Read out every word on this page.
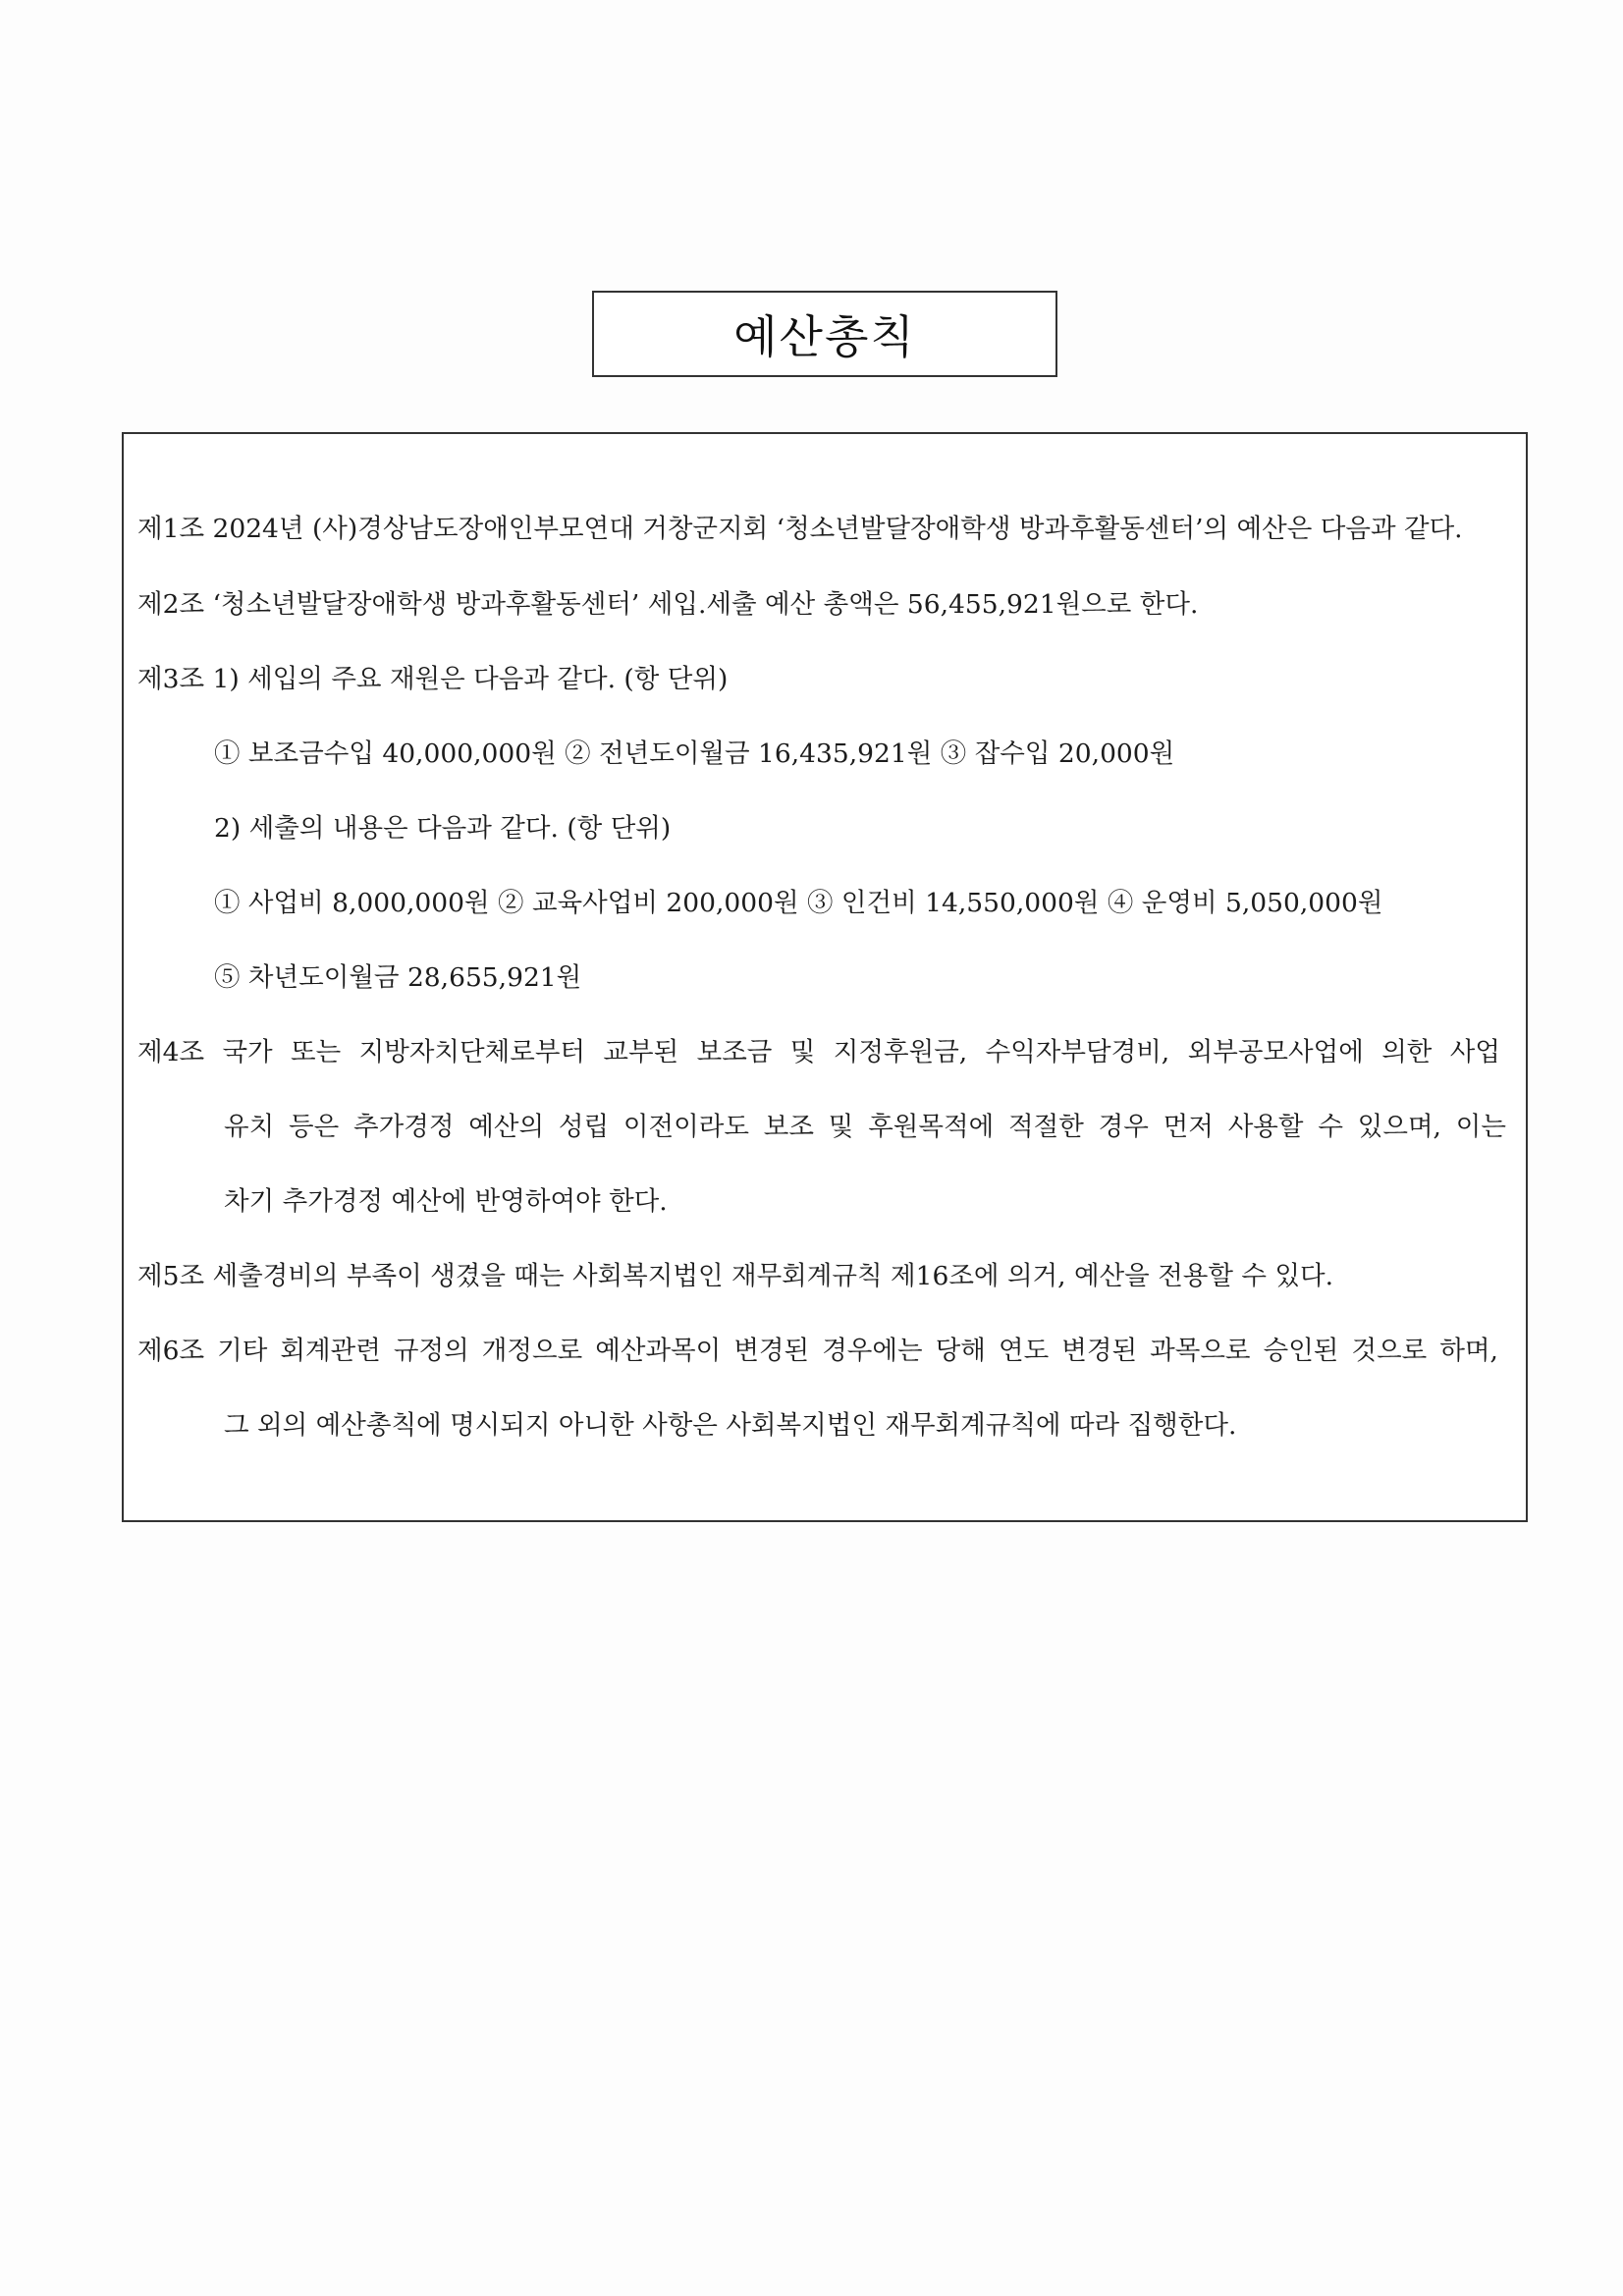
예산총칙
제1조 2024년 (사)경상남도장애인부모연대 거창군지회 ‘청소년발달장애학생 방과후활동센터’의 예산은 다음과 같다.
제2조 ‘청소년발달장애학생 방과후활동센터’ 세입.세출 예산 총액은 56,455,921원으로 한다.
제3조 1) 세입의 주요 재원은 다음과 같다. (항 단위)
① 보조금수입 40,000,000원 ② 전년도이월금 16,435,921원 ③ 잡수입 20,000원
2) 세출의 내용은 다음과 같다. (항 단위)
① 사업비 8,000,000원 ② 교육사업비 200,000원 ③ 인건비 14,550,000원 ④ 운영비 5,050,000원
⑤ 차년도이월금 28,655,921원
제4조 국가 또는 지방자치단체로부터 교부된 보조금 및 지정후원금, 수익자부담경비, 외부공모사업에 의한 사업
유치 등은 추가경정 예산의 성립 이전이라도 보조 및 후원목적에 적절한 경우 먼저 사용할 수 있으며, 이는
차기 추가경정 예산에 반영하여야 한다.
제5조 세출경비의 부족이 생겼을 때는 사회복지법인 재무회계규칙 제16조에 의거, 예산을 전용할 수 있다.
제6조 기타 회계관련 규정의 개정으로 예산과목이 변경된 경우에는 당해 연도 변경된 과목으로 승인된 것으로 하며,
그 외의 예산총칙에 명시되지 아니한 사항은 사회복지법인 재무회계규칙에 따라 집행한다.
